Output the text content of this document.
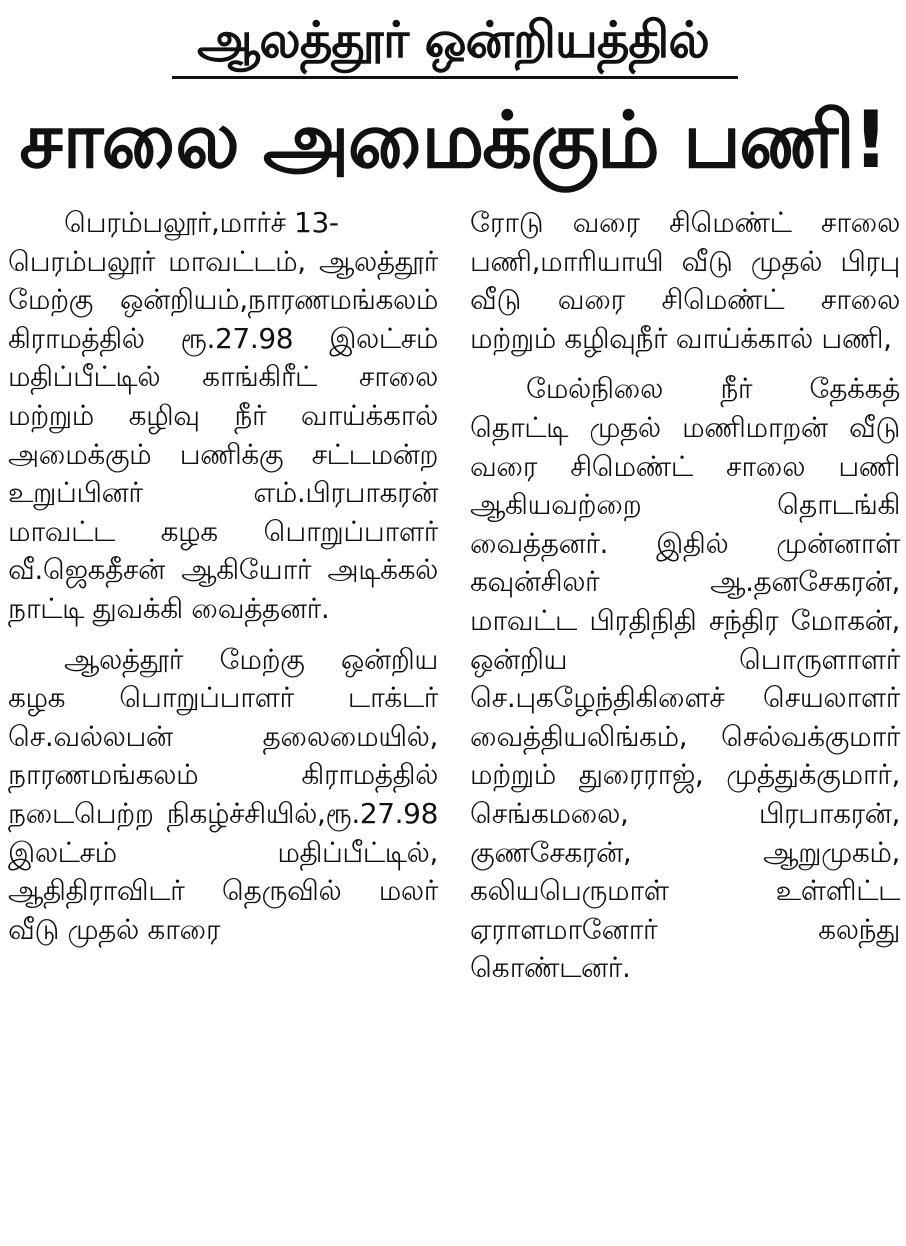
ஆலத்தூர் ஒன்றியத்தில்
சாலை அமைக்கும் பணி!

பெரம்பலூர்,மார்ச் 13-

பெரம்பலூர் மாவட்டம், ஆலத்தூர் மேற்கு ஒன்றியம்,நாரணமங்கலம் கிராமத்தில் ரூ.27.98 இலட்சம் மதிப்பீட்டில் காங்கிரீட் சாலை மற்றும் கழிவு நீர் வாய்க்கால் அமைக்கும் பணிக்கு சட்டமன்ற உறுப்பினர் எம்.பிரபாகரன் மாவட்ட கழக பொறுப்பாளர் வீ.ஜெகதீசன் ஆகியோர் அடிக்கல் நாட்டி துவக்கி வைத்தனர்.

ஆலத்தூர் மேற்கு ஒன்றிய கழக பொறுப்பாளர் டாக்டர் செ.வல்லபன் தலைமையில், நாரணமங்கலம் கிராமத்தில் நடைபெற்ற நிகழ்ச்சியில்,ரூ.27.98 இலட்சம் மதிப்பீட்டில், ஆதிதிராவிடர் தெருவில் மலர் வீடு முதல் காரை

ரோடு வரை சிமெண்ட் சாலை பணி,மாரியாயி வீடு முதல் பிரபு வீடு வரை சிமெண்ட் சாலை மற்றும் கழிவுநீர் வாய்க்கால் பணி,

மேல்நிலை நீர் தேக்கத் தொட்டி முதல் மணிமாறன் வீடு வரை சிமெண்ட் சாலை பணி ஆகியவற்றை தொடங்கி வைத்தனர். இதில் முன்னாள் கவுன்சிலர் ஆ.தனசேகரன், மாவட்ட பிரதிநிதி சந்திர மோகன், ஒன்றிய பொருளாளர் செ.புகழேந்திகிளைச் செயலாளர் வைத்தியலிங்கம், செல்வக்குமார் மற்றும் துரைராஜ், முத்துக்குமார், செங்கமலை, பிரபாகரன், குணசேகரன், ஆறுமுகம், கலியபெருமாள் உள்ளிட்ட ஏராளமானோர் கலந்து கொண்டனர்.
